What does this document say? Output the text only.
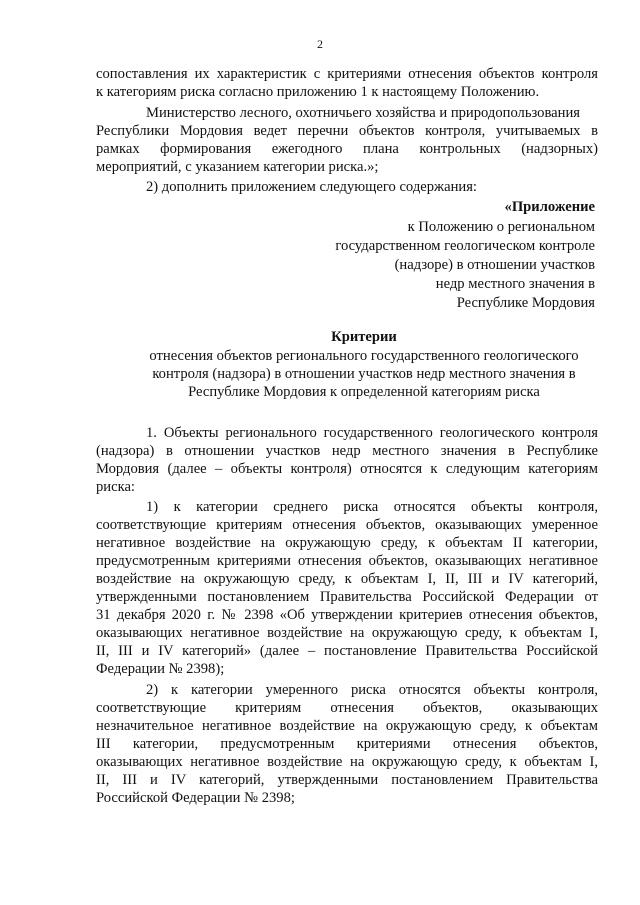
2
сопоставления их характеристик с критериями отнесения объектов контроля
к категориям риска согласно приложению 1 к настоящему Положению.
Министерство лесного, охотничьего хозяйства и природопользования
Республики Мордовия ведет перечни объектов контроля, учитываемых в
рамках формирования ежегодного плана контрольных (надзорных)
мероприятий, с указанием категории риска.»;
2) дополнить приложением следующего содержания:
«Приложение
к Положению о региональном
государственном геологическом контроле
(надзоре) в отношении участков
недр местного значения в
Республике Мордовия
Критерии
отнесения объектов регионального государственного геологического
контроля (надзора) в отношении участков недр местного значения в
Республике Мордовия к определенной категориям риска
1. Объекты регионального государственного геологического контроля
(надзора) в отношении участков недр местного значения в Республике
Мордовия (далее – объекты контроля) относятся к следующим категориям
риска:
1) к категории среднего риска относятся объекты контроля,
соответствующие критериям отнесения объектов, оказывающих умеренное
негативное воздействие на окружающую среду, к объектам II категории,
предусмотренным критериями отнесения объектов, оказывающих негативное
воздействие на окружающую среду, к объектам I, II, III и IV категорий,
утвержденными постановлением Правительства Российской Федерации от
31 декабря 2020 г. № 2398 «Об утверждении критериев отнесения объектов,
оказывающих негативное воздействие на окружающую среду, к объектам I,
II, III и IV категорий» (далее – постановление Правительства Российской
Федерации № 2398);
2) к категории умеренного риска относятся объекты контроля,
соответствующие критериям отнесения объектов, оказывающих
незначительное негативное воздействие на окружающую среду, к объектам
III категории, предусмотренным критериями отнесения объектов,
оказывающих негативное воздействие на окружающую среду, к объектам I,
II, III и IV категорий, утвержденными постановлением Правительства
Российской Федерации № 2398;
